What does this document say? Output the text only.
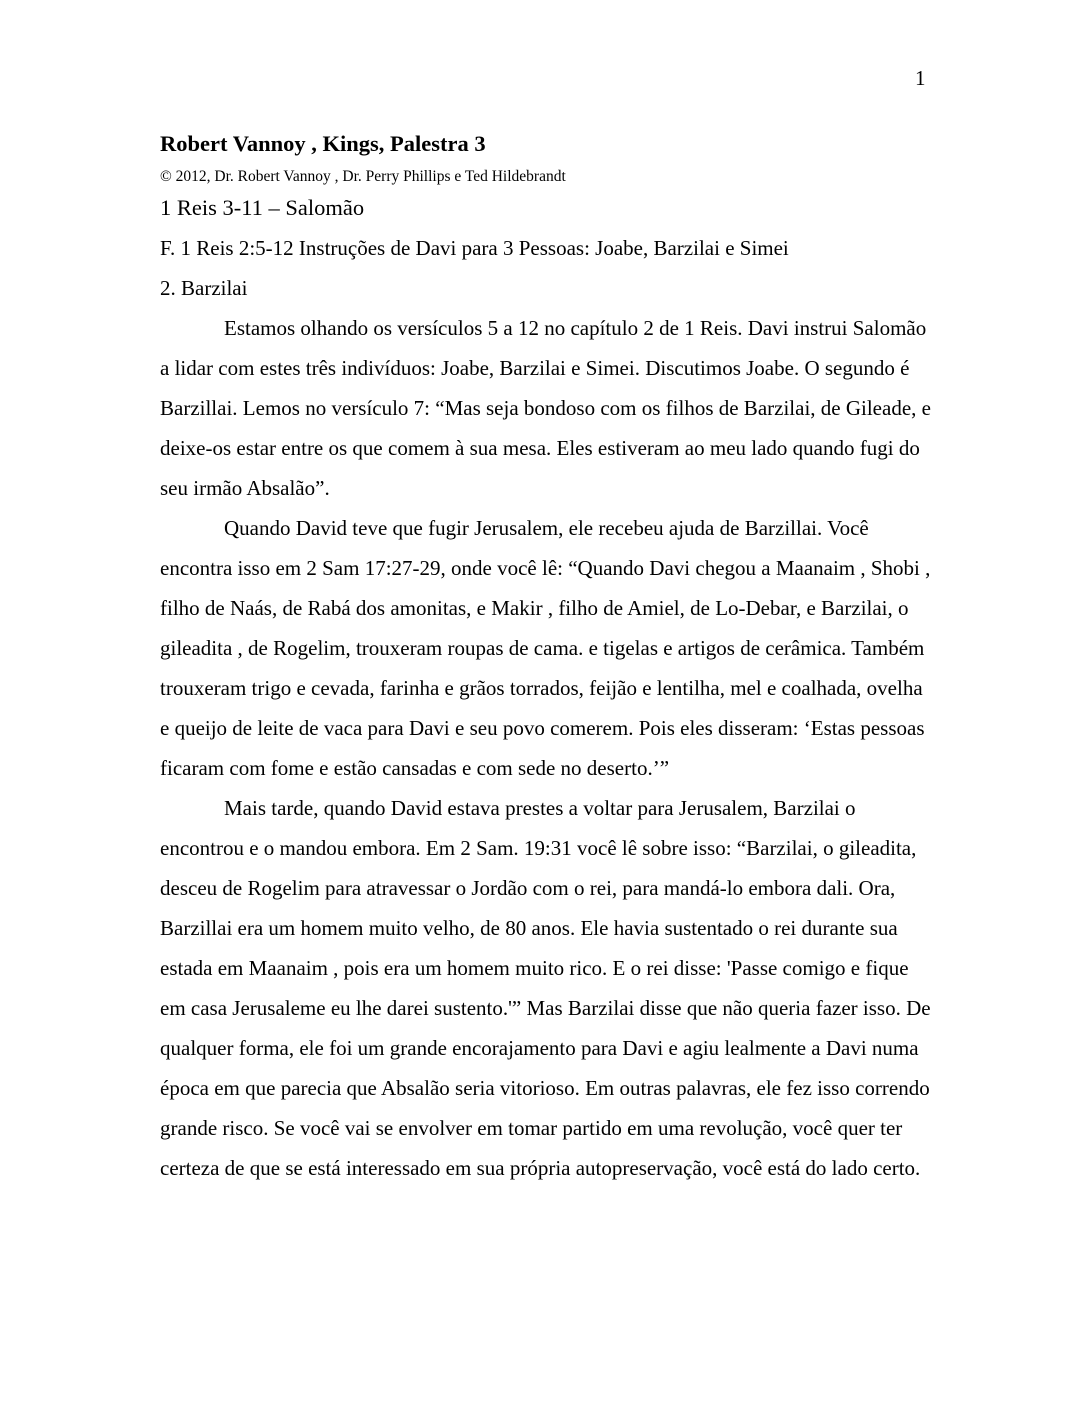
1
Robert Vannoy , Kings, Palestra 3

© 2012, Dr. Robert Vannoy , Dr. Perry Phillips e Ted Hildebrandt

1 Reis 3-11 – Salomão

F. 1 Reis 2:5-12 Instruções de Davi para 3 Pessoas: Joabe, Barzilai e Simei

2. Barzilai

Estamos olhando os versículos 5 a 12 no capítulo 2 de 1 Reis. Davi instrui Salomão a lidar com estes três indivíduos: Joabe, Barzilai e Simei. Discutimos Joabe. O segundo é Barzillai. Lemos no versículo 7: “Mas seja bondoso com os filhos de Barzilai, de Gileade, e deixe-os estar entre os que comem à sua mesa. Eles estiveram ao meu lado quando fugi do seu irmão Absalão”.

Quando David teve que fugir Jerusalem, ele recebeu ajuda de Barzillai. Você encontra isso em 2 Sam 17:27-29, onde você lê: “Quando Davi chegou a Maanaim , Shobi , filho de Naás, de Rabá dos amonitas, e Makir , filho de Amiel, de Lo-Debar, e Barzilai, o gileadita , de Rogelim, trouxeram roupas de cama. e tigelas e artigos de cerâmica. Também trouxeram trigo e cevada, farinha e grãos torrados, feijão e lentilha, mel e coalhada, ovelha e queijo de leite de vaca para Davi e seu povo comerem. Pois eles disseram: ‘Estas pessoas ficaram com fome e estão cansadas e com sede no deserto.’”

Mais tarde, quando David estava prestes a voltar para Jerusalem, Barzilai o encontrou e o mandou embora. Em 2 Sam. 19:31 você lê sobre isso: “Barzilai, o gileadita, desceu de Rogelim para atravessar o Jordão com o rei, para mandá-lo embora dali. Ora, Barzillai era um homem muito velho, de 80 anos. Ele havia sustentado o rei durante sua estada em Maanaim , pois era um homem muito rico. E o rei disse: 'Passe comigo e fique em casa Jerusaleme eu lhe darei sustento.'” Mas Barzilai disse que não queria fazer isso. De qualquer forma, ele foi um grande encorajamento para Davi e agiu lealmente a Davi numa época em que parecia que Absalão seria vitorioso. Em outras palavras, ele fez isso correndo grande risco. Se você vai se envolver em tomar partido em uma revolução, você quer ter certeza de que se está interessado em sua própria autopreservação, você está do lado certo.
